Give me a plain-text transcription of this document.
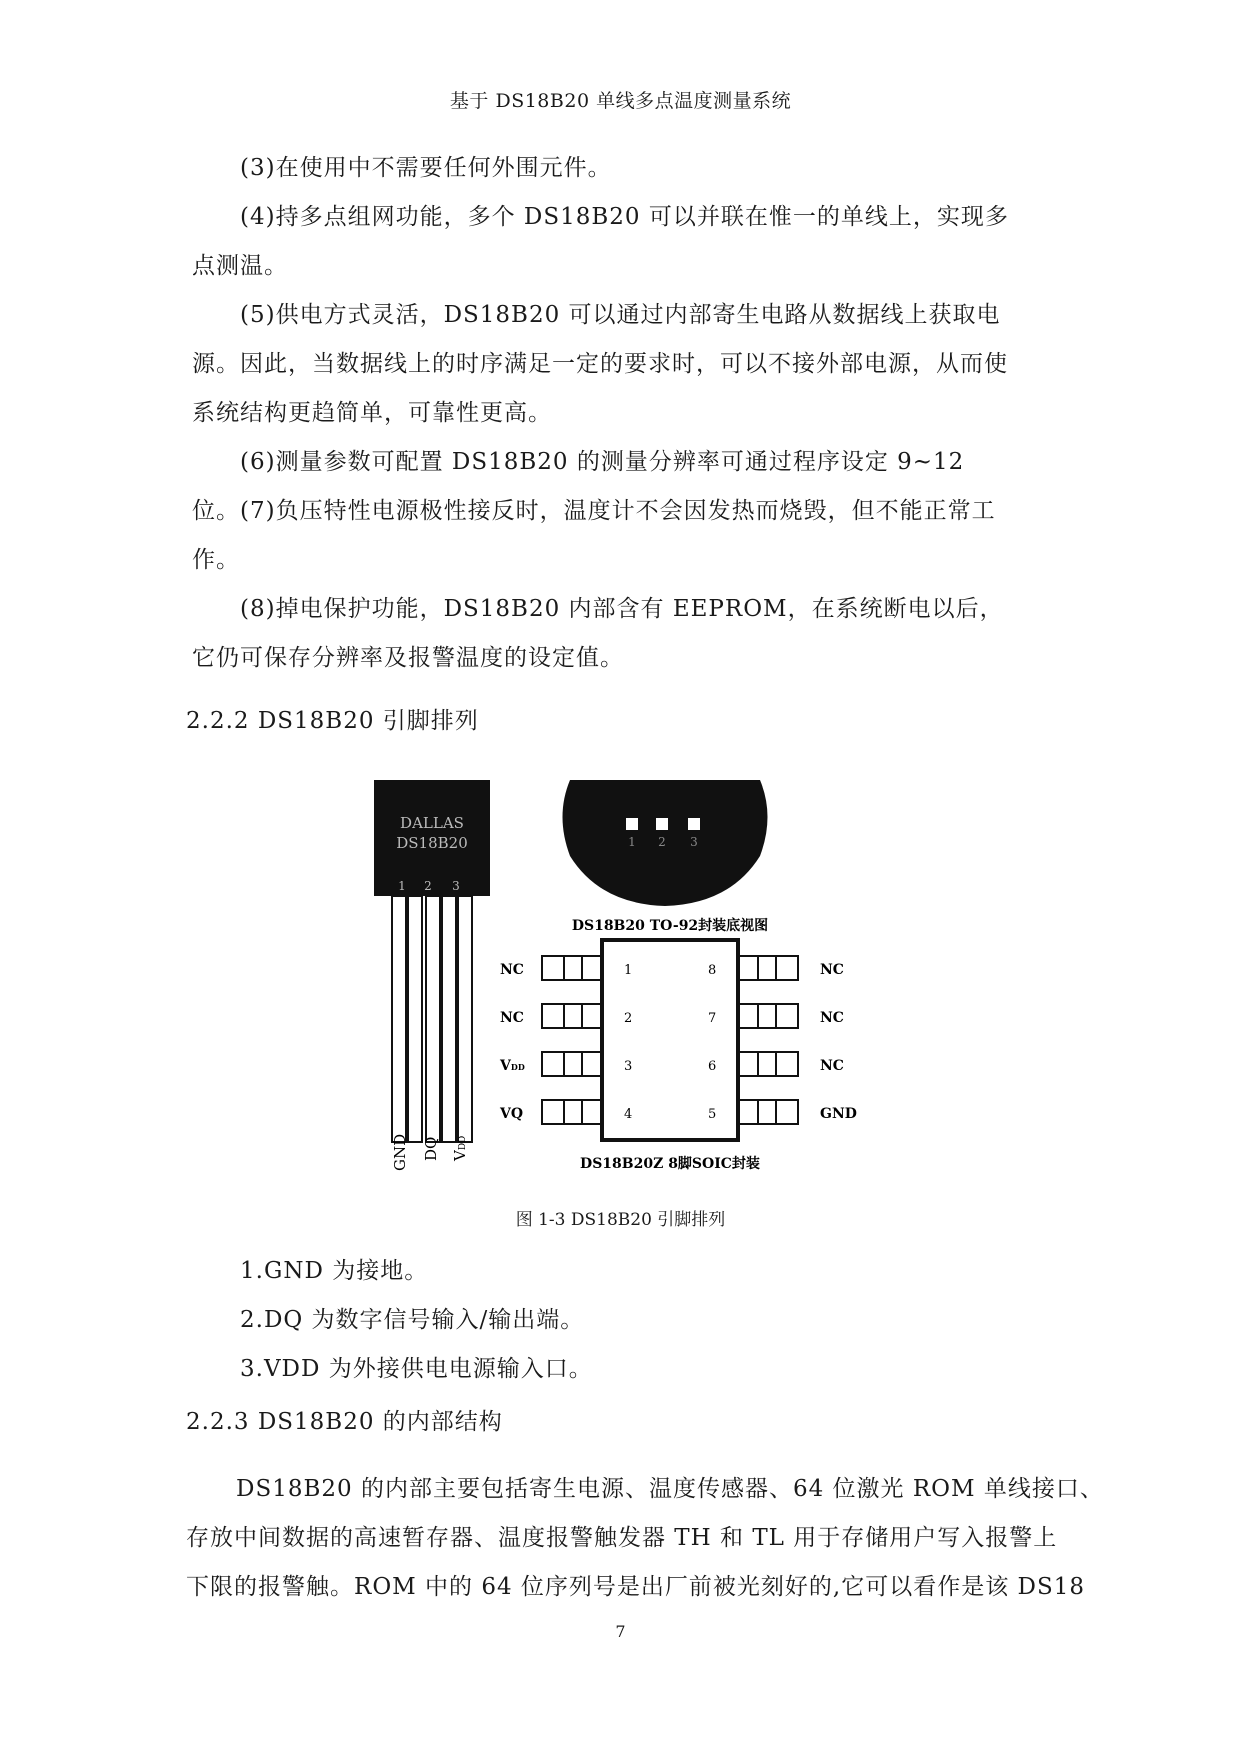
基于 DS18B20 单线多点温度测量系统
(3)在使用中不需要任何外围元件。
(4)持多点组网功能，多个 DS18B20 可以并联在惟一的单线上，实现多点测温。
(5)供电方式灵活，DS18B20 可以通过内部寄生电路从数据线上获取电源。因此，当数据线上的时序满足一定的要求时，可以不接外部电源，从而使系统结构更趋简单，可靠性更高。
(6)测量参数可配置 DS18B20 的测量分辨率可通过程序设定 9~12 位。 (7)负压特性电源极性接反时，温度计不会因发热而烧毁，但不能正常工作。
(8)掉电保护功能，DS18B20 内部含有 EEPROM，在系统断电以后，它仍可保存分辨率及报警温度的设定值。
2.2.2 DS18B20 引脚排列
DALLAS
DS18B20
1 2 3
GND DQ VDD
1 2 3
DS18B20 TO-92封装底视图
NC
NC
VDD
VQ
NC
NC
NC
GND
1
2
3
4
8
7
6
5
DS18B20Z 8脚SOIC封装
图 1-3 DS18B20 引脚排列
1.GND 为接地。
2.DQ 为数字信号输入/输出端。
3.VDD 为外接供电电源输入口。
2.2.3 DS18B20 的内部结构
DS18B20 的内部主要包括寄生电源、温度传感器、64 位激光 ROM 单线接口、
存放中间数据的高速暂存器、温度报警触发器 TH 和 TL 用于存储用户写入报警上
下限的报警触。ROM 中的 64 位序列号是出厂前被光刻好的,它可以看作是该 DS18
7
